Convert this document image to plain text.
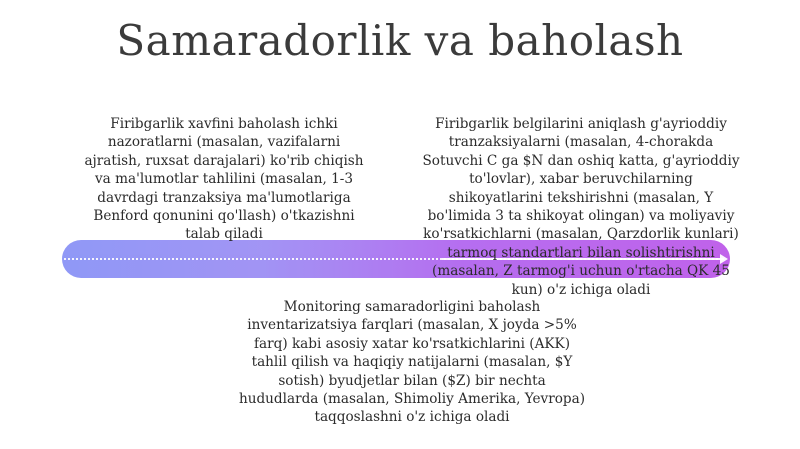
Samaradorlik va baholash
Firibgarlik xavfini baholash ichki nazoratlarni (masalan, vazifalarni ajratish, ruxsat darajalari) ko'rib chiqish va ma'lumotlar tahlilini (masalan, 1-3 davrdagi tranzaksiya ma'lumotlariga Benford qonunini qo'llash) o'tkazishni talab qiladi
Firibgarlik belgilarini aniqlash g'ayrioddiy tranzaksiyalarni (masalan, 4-chorakda Sotuvchi C ga $N dan oshiq katta, g'ayrioddiy to'lovlar), xabar beruvchilarning shikoyatlarini tekshirishni (masalan, Y bo'limida 3 ta shikoyat olingan) va moliyaviy ko'rsatkichlarni (masalan, Qarzdorlik kunlari) tarmoq standartlari bilan solishtirishni (masalan, Z tarmog'i uchun o'rtacha QK 45 kun) o'z ichiga oladi
Monitoring samaradorligini baholash inventarizatsiya farqlari (masalan, X joyda >5% farq) kabi asosiy xatar ko'rsatkichlarini (AKK) tahlil qilish va haqiqiy natijalarni (masalan, $Y sotish) byudjetlar bilan ($Z) bir nechta hududlarda (masalan, Shimoliy Amerika, Yevropa) taqqoslashni o'z ichiga oladi
